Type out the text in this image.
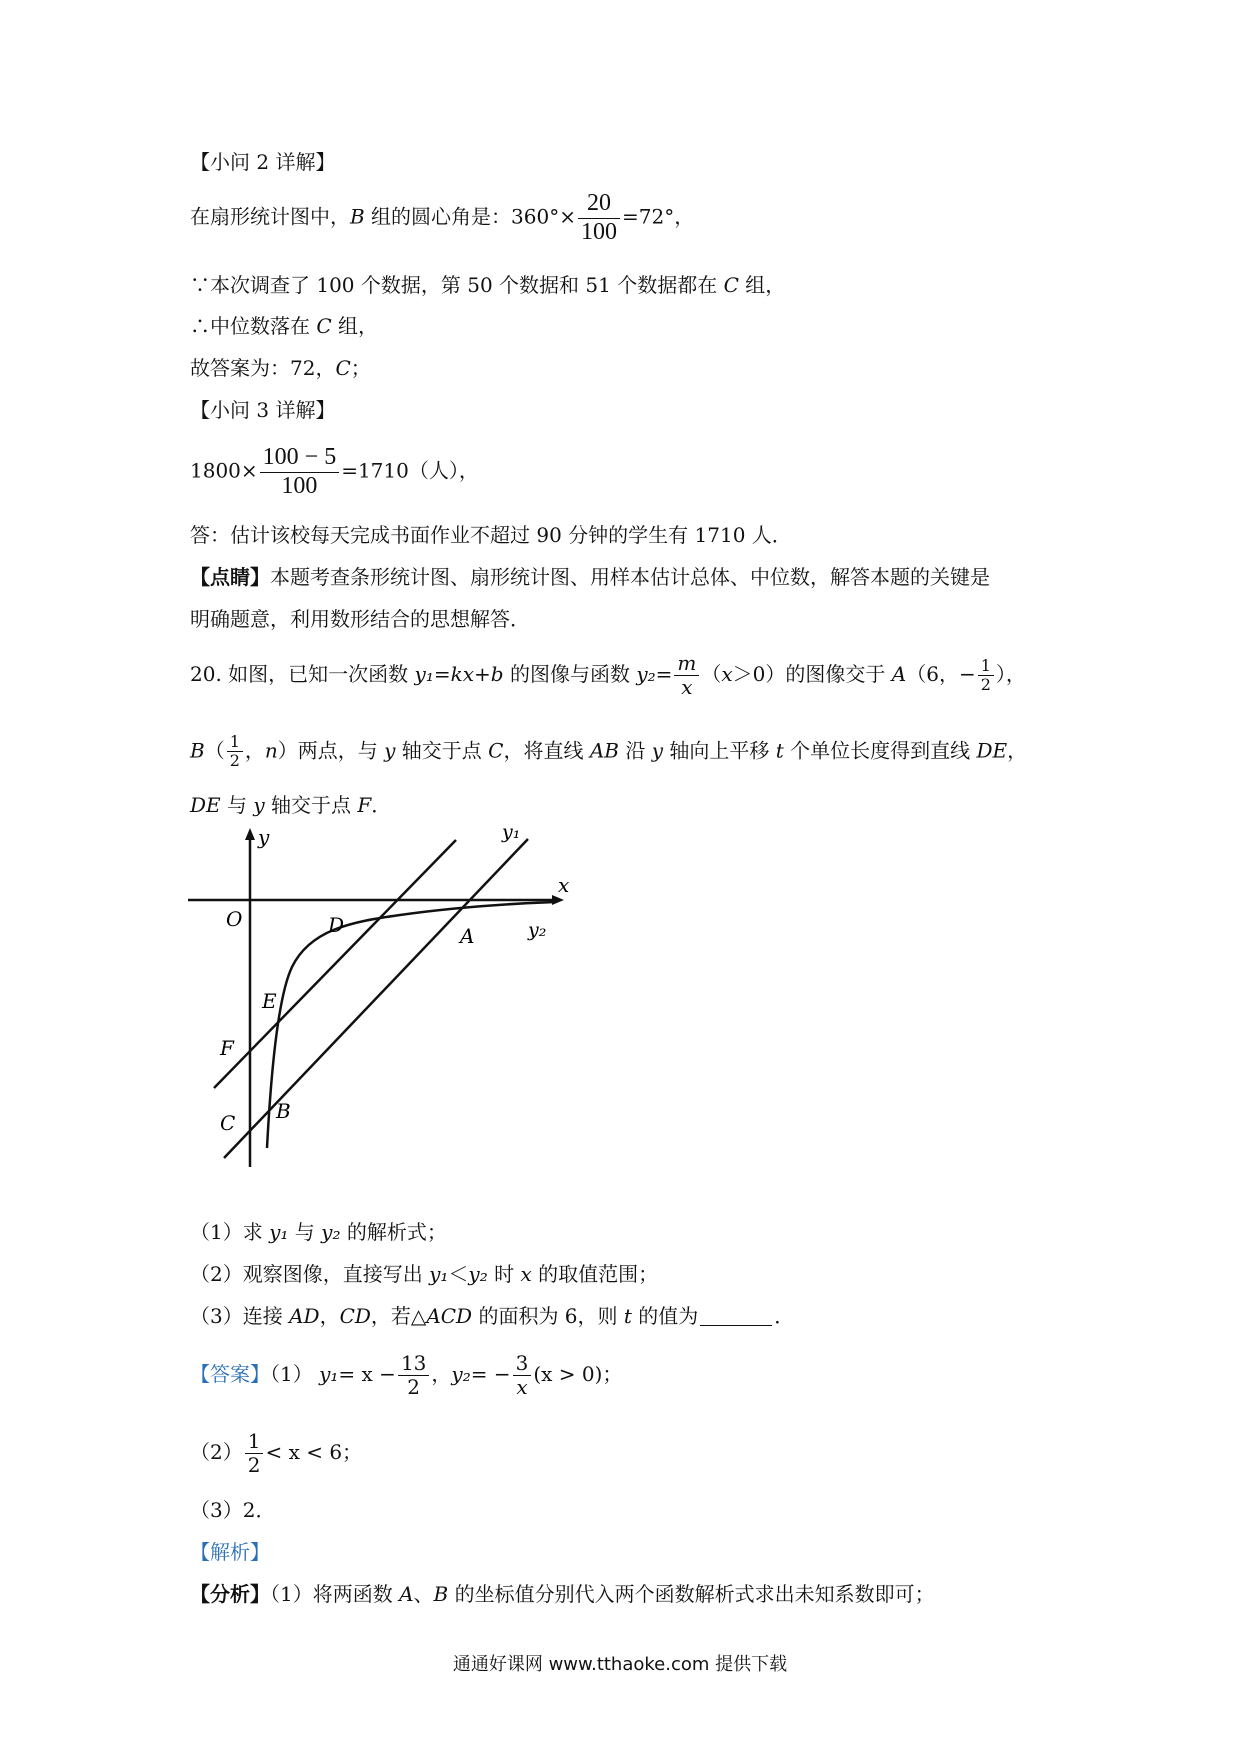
【小问 2 详解】
在扇形统计图中，B 组的圆心角是：$360^\circ\times \frac{20}{100} =72^\circ$，
∵本次调查了 100 个数据，第 50 个数据和 51 个数据都在 C 组，
∴中位数落在 C 组，
故答案为：72，C；
【小问 3 详解】
$1800\times \frac{100 - 5}{100} =1710$（人），
答：估计该校每天完成书面作业不超过 90 分钟的学生有 1710 人．
【点睛】本题考查条形统计图、扇形统计图、用样本估计总体、中位数，解答本题的关键是
明确题意，利用数形结合的思想解答．
20. 如图，已知一次函数 y₁=kx+b 的图像与函数 $y_2= \frac{m}{x} (x>0)$的图像交于 A（6，− $\frac{1}{2}$ ），
$B( \frac{1}{2}$ ，n）两点，与 y 轴交于点 C，将直线 AB 沿 y 轴向上平移 t 个单位长度得到直线 DE，
DE 与 y 轴交于点 F．
y
x
O	D	A	y₂
y₁
E
F
C B
（1）求 y₁ 与 y₂ 的解析式；
（2）观察图像，直接写出 y₁＜y₂ 时 x 的取值范围；
（3）连接 AD，CD，若△ACD 的面积为 6，则 t 的值为	．
【答案】（1） $y_1= x - \frac{13}{2}$ ，$y_2= - \frac{3}{x} (x > 0)$；
$(2) \frac{1}{2} < x < 6$；
（3）2．
【解析】
【分析】（1）将两函数 A、B 的坐标值分别代入两个函数解析式求出未知系数即可；
通通好课网 www.tthaoke.com 提供下载
